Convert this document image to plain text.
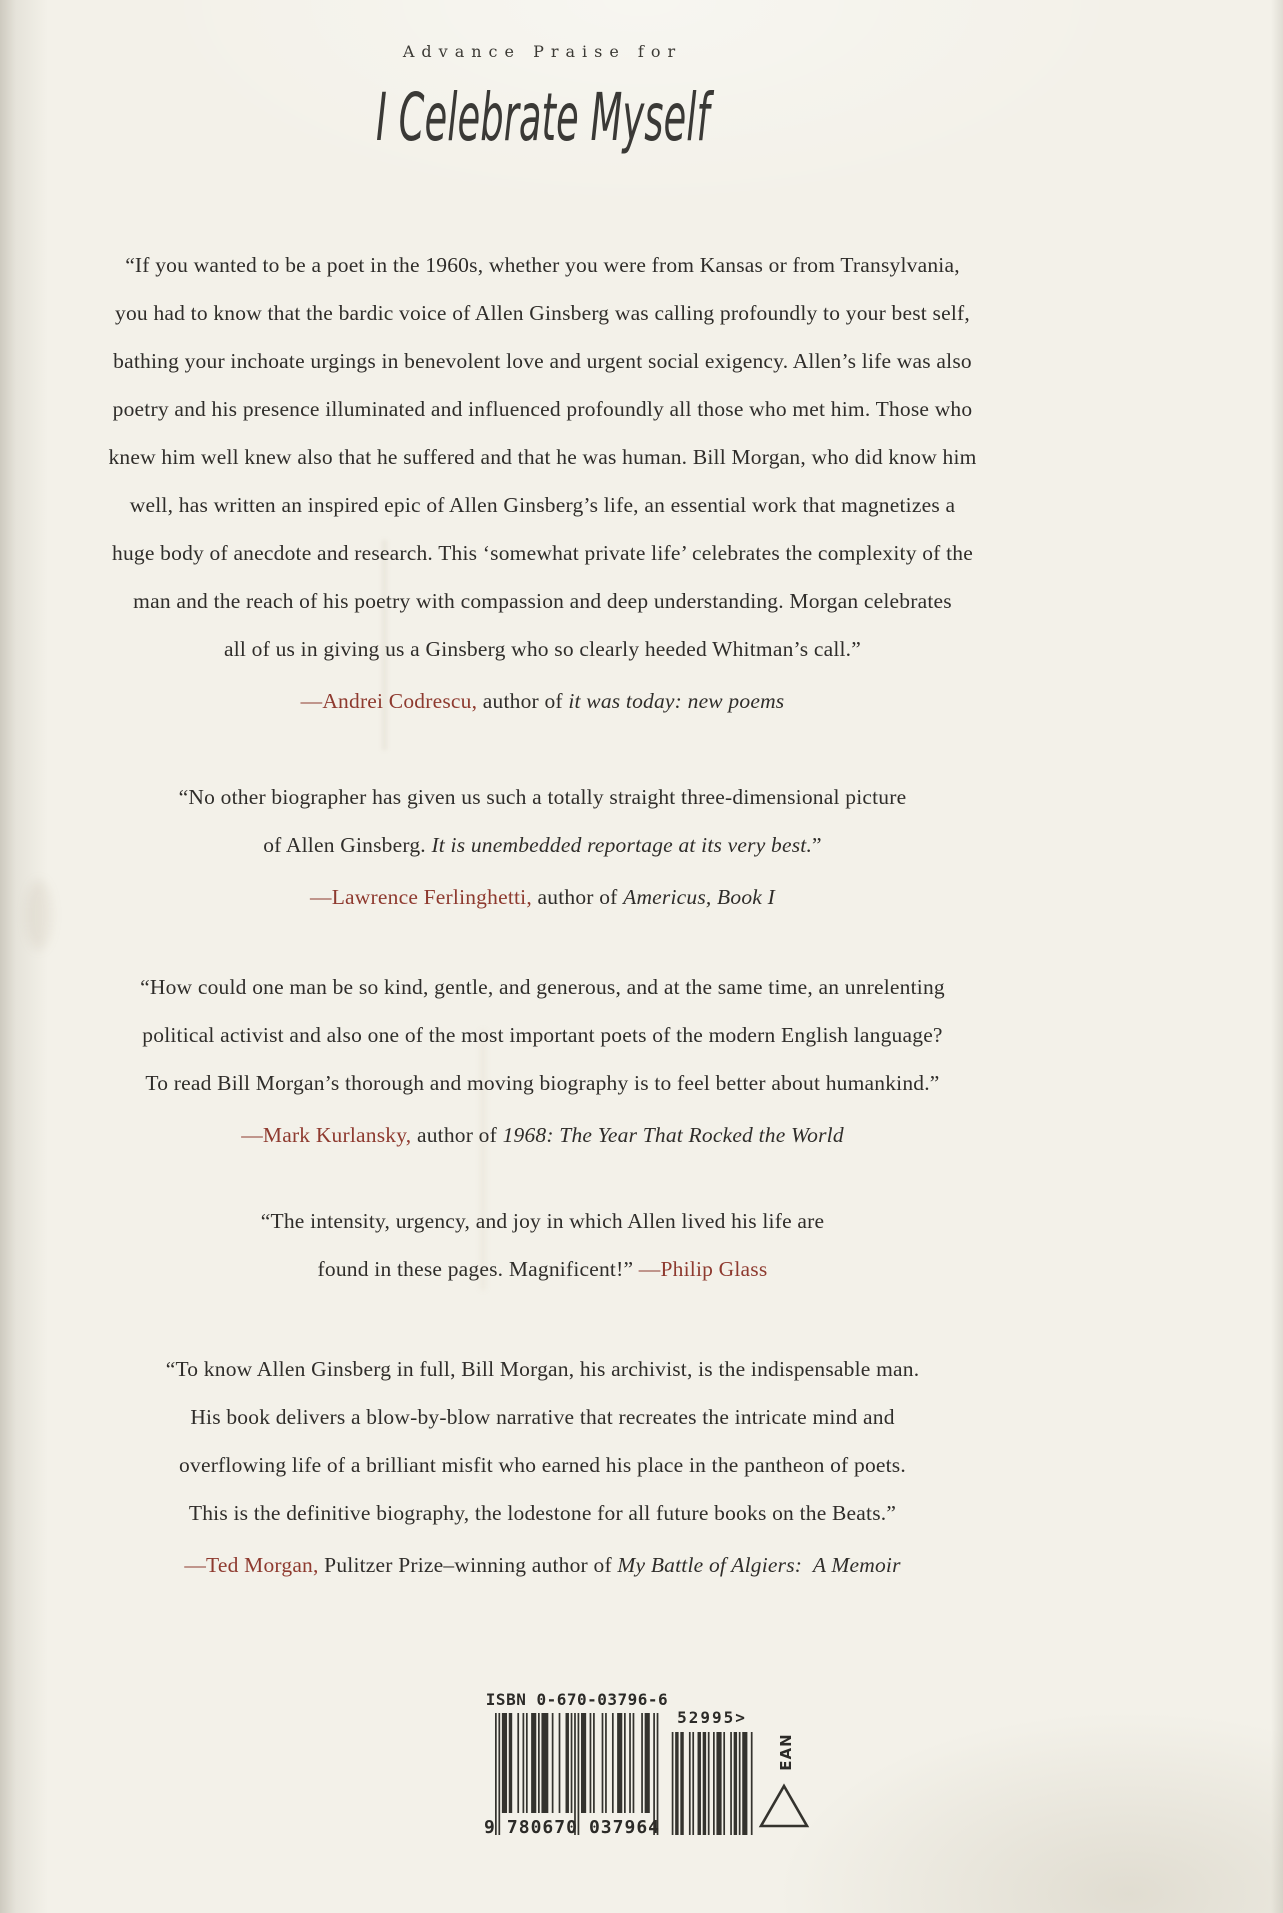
Advance Praise for
I Celebrate Myself
“If you wanted to be a poet in the 1960s, whether you were from Kansas or from Transylvania,
you had to know that the bardic voice of Allen Ginsberg was calling profoundly to your best self,
bathing your inchoate urgings in benevolent love and urgent social exigency. Allen’s life was also
poetry and his presence illuminated and influenced profoundly all those who met him. Those who
knew him well knew also that he suffered and that he was human. Bill Morgan, who did know him
well, has written an inspired epic of Allen Ginsberg’s life, an essential work that magnetizes a
huge body of anecdote and research. This ‘somewhat private life’ celebrates the complexity of the
man and the reach of his poetry with compassion and deep understanding. Morgan celebrates
all of us in giving us a Ginsberg who so clearly heeded Whitman’s call.”
—Andrei Codrescu, author of it was today: new poems
“No other biographer has given us such a totally straight three-dimensional picture
of Allen Ginsberg. It is unembedded reportage at its very best.”
—Lawrence Ferlinghetti, author of Americus, Book I
“How could one man be so kind, gentle, and generous, and at the same time, an unrelenting
political activist and also one of the most important poets of the modern English language?
To read Bill Morgan’s thorough and moving biography is to feel better about humankind.”
—Mark Kurlansky, author of 1968: The Year That Rocked the World
“The intensity, urgency, and joy in which Allen lived his life are
found in these pages. Magnificent!” —Philip Glass
“To know Allen Ginsberg in full, Bill Morgan, his archivist, is the indispensable man.
His book delivers a blow-by-blow narrative that recreates the intricate mind and
overflowing life of a brilliant misfit who earned his place in the pantheon of poets.
This is the definitive biography, the lodestone for all future books on the Beats.”
—Ted Morgan, Pulitzer Prize–winning author of My Battle of Algiers:  A Memoir
ISBN 0-670-03796-6
9 780670 037964
52995>
EAN
